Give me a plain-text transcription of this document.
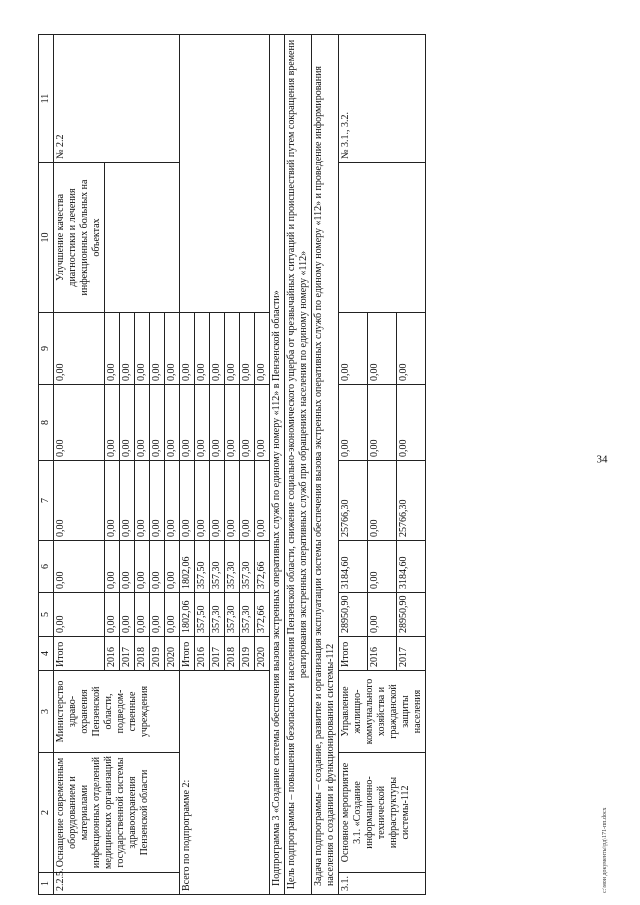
34
c:\мои документы\рд\171-пп.docx
1	2	3	4	5	6	7	8	9	10	11
2.2.5.	Оснащение современным оборудованием и материалами инфекционных отделений медицинских организаций государственной системы здравоохранения Пензенской области	Министерство здраво-охранения Пензенской области, подведом-ственные учреждения	Итого	0,00	0,00	0,00	0,00	0,00	Улучшение качества диагностики и лечения инфекционных больных на объектах	№ 2.2
			2016	0,00	0,00	0,00	0,00	0,00		
			2017	0,00	0,00	0,00	0,00	0,00		
			2018	0,00	0,00	0,00	0,00	0,00		
			2019	0,00	0,00	0,00	0,00	0,00		
			2020	0,00	0,00	0,00	0,00	0,00		
Всего по подпрограмме 2:			Итого	1802,06	1802,06	0,00	0,00	0,00		
			2016	357,50	357,50	0,00	0,00	0,00		
			2017	357,30	357,30	0,00	0,00	0,00		
			2018	357,30	357,30	0,00	0,00	0,00		
			2019	357,30	357,30	0,00	0,00	0,00		
			2020	372,66	372,66	0,00	0,00	0,00		
Подпрограмма 3 «Создание системы обеспечения вызова экстренных оперативных служб по единому номеру «112» в Пензенской области»										
Цель подпрограммы – повышения безопасности населения Пензенской области, снижение социально-экономического ущерба от чрезвычайных ситуаций и происшествий путем сокращения времени реагирования экстренных оперативных служб при обращениях населения по единому номеру «112»										
Задача подпрограммы – создание, развитие и организация эксплуатации системы обеспечения вызова экстренных оперативных служб по единому номеру «112» и проведение информирования населения о создании и функционировании системы-112										
3.1.	Основное мероприятие 3.1. «Создание информационно-технической инфраструктуры системы-112	Управление жилищно-коммунального хозяйства и гражданской защиты населения	Итого	28950,90	3184,60	25766,30	0,00	0,00		№ 3.1., 3.2.
			2016	0,00	0,00	0,00	0,00	0,00		
			2017	28950,90	3184,60	25766,30	0,00	0,00		
